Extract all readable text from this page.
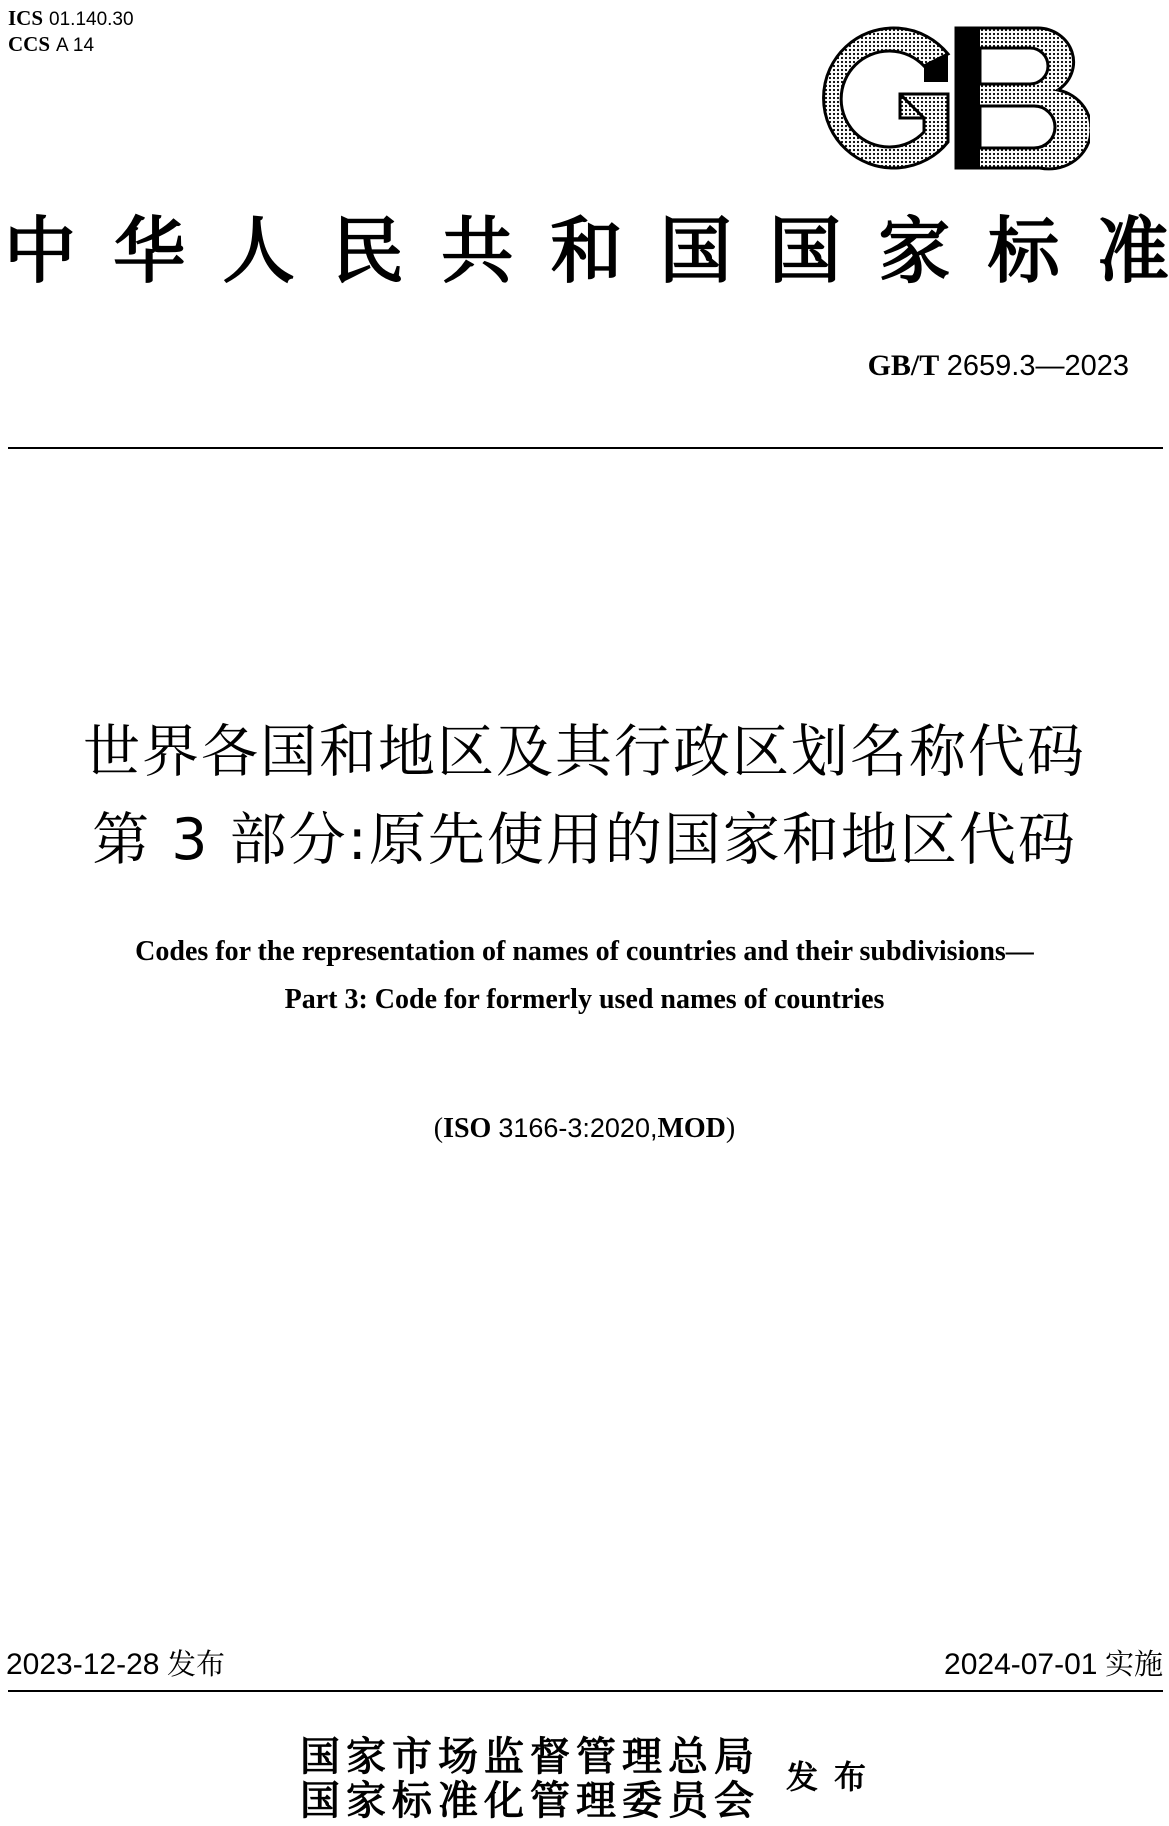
ICS 01.140.30
CCS A 14
中 华 人 民 共 和 国 国 家 标 准
GB/T 2659.3—2023
世界各国和地区及其行政区划名称代码
第 3 部分:原先使用的国家和地区代码
Codes for the representation of names of countries and their subdivisions—
Part 3: Code for formerly used names of countries
(ISO 3166-3:2020,MOD)
2023-12-28 发布	2024-07-01 实施
国家市场监督管理总局
国家标准化管理委员会 发布
